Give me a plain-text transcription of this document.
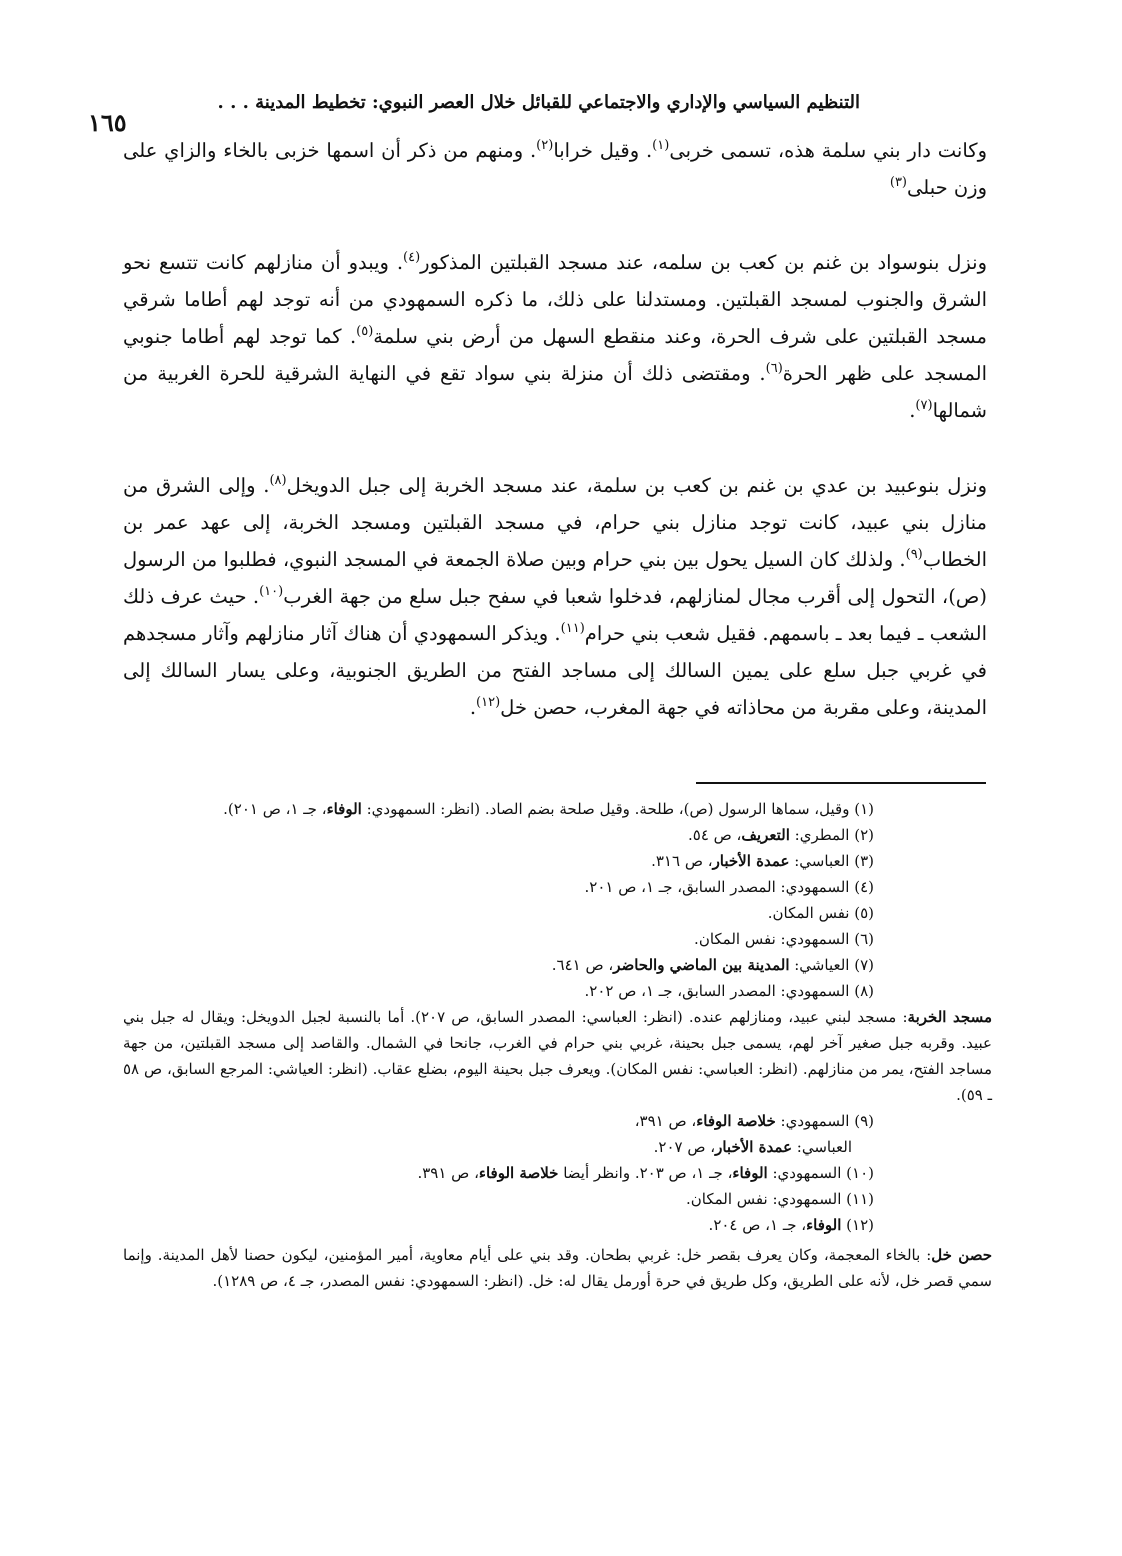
التنظيم السياسي والإداري والاجتماعي للقبائل خلال العصر النبوي: تخطيط المدينة . . .
١٦٥

وكانت دار بني سلمة هذه، تسمى خربى$^{(١)}$. وقيل خرابا$^{(٢)}$. ومنهم من ذكر أن اسمها خزبى بالخاء والزاي على وزن حبلى$^{(٣)}$

ونزل بنوسواد بن غنم بن كعب بن سلمه، عند مسجد القبلتين المذكور$^{(٤)}$. ويبدو أن منازلهم كانت تتسع نحو الشرق والجنوب لمسجد القبلتين. ومستدلنا على ذلك، ما ذكره السمهودي من أنه توجد لهم أطاما شرقي مسجد القبلتين على شرف الحرة، وعند منقطع السهل من أرض بني سلمة$^{(٥)}$. كما توجد لهم أطاما جنوبي المسجد على ظهر الحرة$^{(٦)}$. ومقتضى ذلك أن منزلة بني سواد تقع في النهاية الشرقية للحرة الغربية من شمالها$^{(٧)}$.

ونزل بنوعبيد بن عدي بن غنم بن كعب بن سلمة، عند مسجد الخربة إلى جبل الدويخل$^{(٨)}$. وإلى الشرق من منازل بني عبيد، كانت توجد منازل بني حرام، في مسجد القبلتين ومسجد الخربة، إلى عهد عمر بن الخطاب$^{(٩)}$. ولذلك كان السيل يحول بين بني حرام وبين صلاة الجمعة في المسجد النبوي، فطلبوا من الرسول (ص)، التحول إلى أقرب مجال لمنازلهم، فدخلوا شعبا في سفح جبل سلع من جهة الغرب$^{(١٠)}$. حيث عرف ذلك الشعب ـ فيما بعد ـ باسمهم. فقيل شعب بني حرام$^{(١١)}$. ويذكر السمهودي أن هناك آثار منازلهم وآثار مسجدهم في غربي جبل سلع على يمين السالك إلى مساجد الفتح من الطريق الجنوبية، وعلى يسار السالك إلى المدينة، وعلى مقربة من محاذاته في جهة المغرب، حصن خل$^{(١٢)}$.

(١) وقيل، سماها الرسول (ص)، طلحة. وقيل صلحة بضم الصاد. (انظر: السمهودي: الوفاء، جـ ١، ص ٢٠١).

(٢) المطري: التعريف، ص ٥٤.

(٣) العباسي: عمدة الأخبار، ص ٣١٦.

(٤) السمهودي: المصدر السابق، جـ ١، ص ٢٠١.

(٥) نفس المكان.

(٦) السمهودي: نفس المكان.

(٧) العياشي: المدينة بين الماضي والحاضر، ص ٦٤١.

(٨) السمهودي: المصدر السابق، جـ ١، ص ٢٠٢.

مسجد الخربة: مسجد لبني عبيد، ومنازلهم عنده. (انظر: العباسي: المصدر السابق، ص ٢٠٧). أما بالنسبة لجبل الدويخل: ويقال له جبل بني عبيد. وقربه جبل صغير آخر لهم، يسمى جبل بحينة، غربي بني حرام في الغرب، جانحا في الشمال. والقاصد إلى مسجد القبلتين، من جهة مساجد الفتح، يمر من منازلهم. (انظر: العباسي: نفس المكان). ويعرف جبل بحينة اليوم، بضلع عقاب. (انظر: العياشي: المرجع السابق، ص ٥٨ ـ ٥٩).

(٩) السمهودي: خلاصة الوفاء، ص ٣٩١،

العباسي: عمدة الأخبار، ص ٢٠٧.

(١٠) السمهودي: الوفاء، جـ ١، ص ٢٠٣. وانظر أيضا خلاصة الوفاء، ص ٣٩١.

(١١) السمهودي: نفس المكان.

(١٢) الوفاء، جـ ١، ص ٢٠٤.

حصن خل: بالخاء المعجمة، وكان يعرف بقصر خل: غربي بطحان. وقد بني على أيام معاوية، أمير المؤمنين، ليكون حصنا لأهل المدينة. وإنما سمي قصر خل، لأنه على الطريق، وكل طريق في حرة أورمل يقال له: خل. (انظر: السمهودي: نفس المصدر، جـ ٤، ص ١٢٨٩).
